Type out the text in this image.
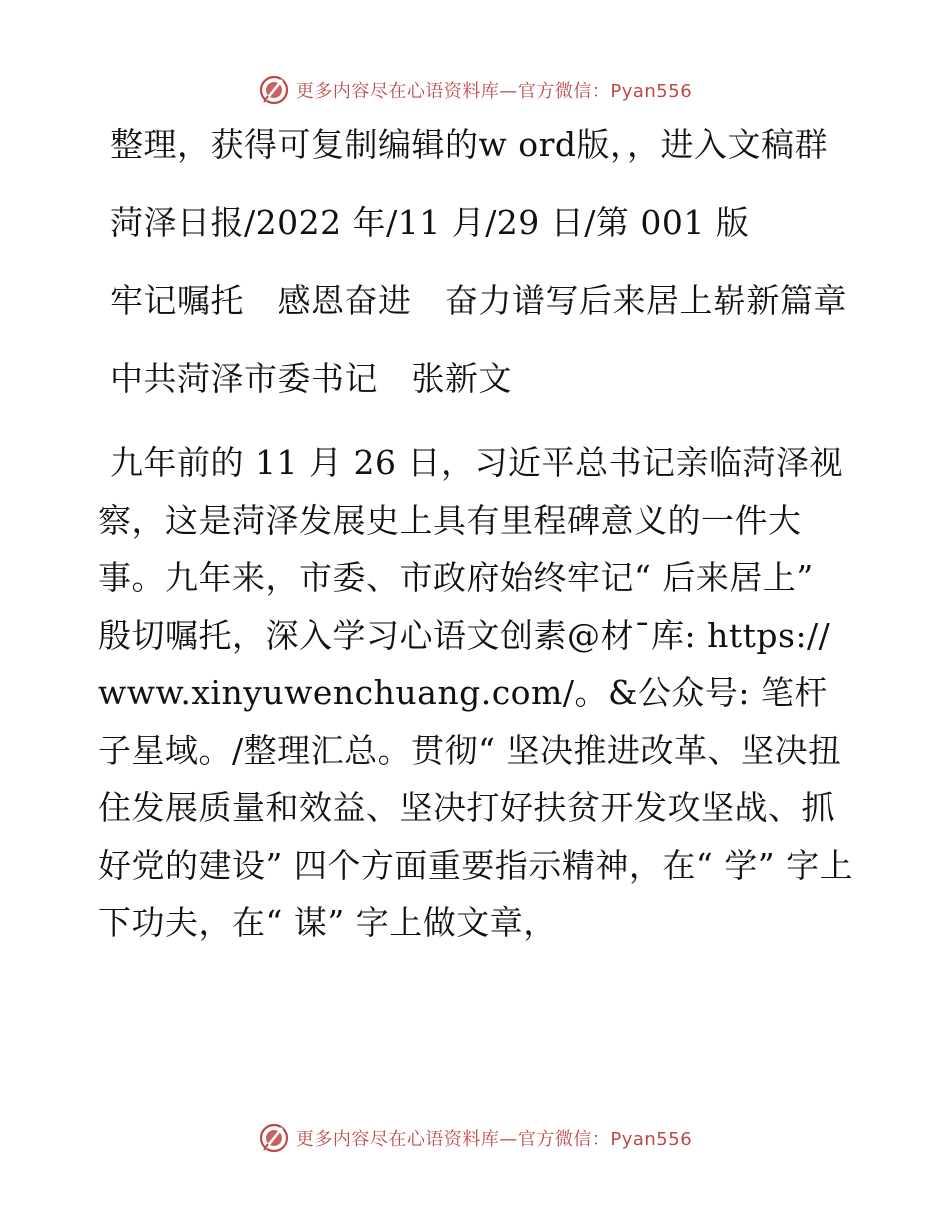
更多内容尽在心语资料库—官方微信：Pyan556

整理，获得可复制编辑的w ord版，，进入文稿群

菏泽日报/2022 年/11 月/29 日/第 001 版

牢记嘱托　感恩奋进　奋力谱写后来居上崭新篇章

中共菏泽市委书记　张新文

九年前的 11 月 26 日，习近平总书记亲临菏泽视察，这是菏泽发展史上具有里程碑意义的一件大事。九年来，市委、市政府始终牢记“ 后来居上” 殷切嘱托，深入学习心语文创素@材¯库: https://www.xinyuwenchuang.com/。&公众号: 笔杆子星域。/整理汇总。贯彻“ 坚决推进改革、坚决扭住发展质量和效益、坚决打好扶贫开发攻坚战、抓好党的建设” 四个方面重要指示精神，在“ 学” 字上下功夫，在“ 谋” 字上做文章，

更多内容尽在心语资料库—官方微信：Pyan556
